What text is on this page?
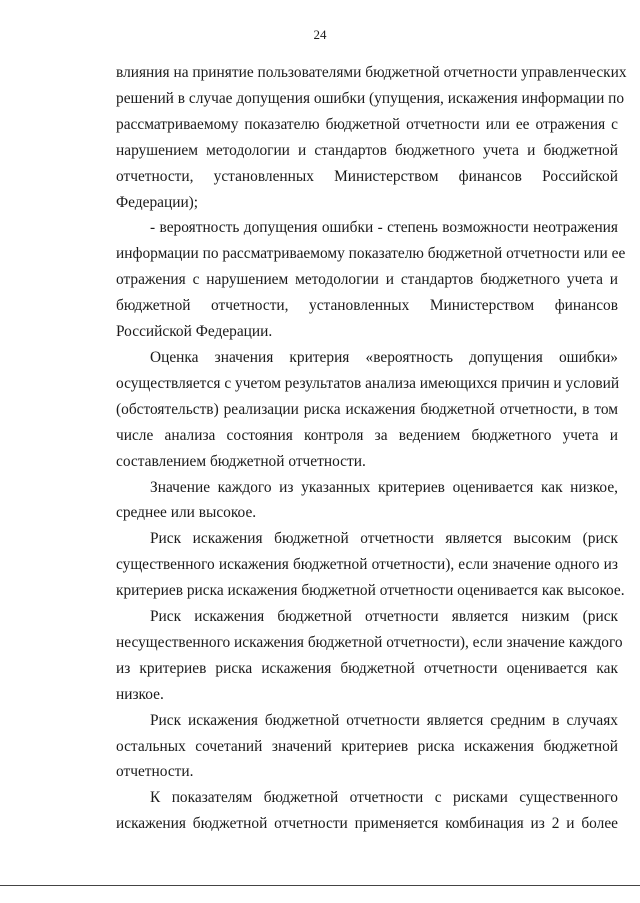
24
влияния на принятие пользователями бюджетной отчетности управленческих
решений в случае допущения ошибки (упущения, искажения информации по
рассматриваемому показателю бюджетной отчетности или ее отражения с
нарушением методологии и стандартов бюджетного учета и бюджетной
отчетности, установленных Министерством финансов Российской
Федерации);
- вероятность допущения ошибки - степень возможности неотражения
информации по рассматриваемому показателю бюджетной отчетности или ее
отражения с нарушением методологии и стандартов бюджетного учета и
бюджетной отчетности, установленных Министерством финансов
Российской Федерации.
Оценка значения критерия «вероятность допущения ошибки»
осуществляется с учетом результатов анализа имеющихся причин и условий
(обстоятельств) реализации риска искажения бюджетной отчетности, в том
числе анализа состояния контроля за ведением бюджетного учета и
составлением бюджетной отчетности.
Значение каждого из указанных критериев оценивается как низкое,
среднее или высокое.
Риск искажения бюджетной отчетности является высоким (риск
существенного искажения бюджетной отчетности), если значение одного из
критериев риска искажения бюджетной отчетности оценивается как высокое.
Риск искажения бюджетной отчетности является низким (риск
несущественного искажения бюджетной отчетности), если значение каждого
из критериев риска искажения бюджетной отчетности оценивается как
низкое.
Риск искажения бюджетной отчетности является средним в случаях
остальных сочетаний значений критериев риска искажения бюджетной
отчетности.
К показателям бюджетной отчетности с рисками существенного
искажения бюджетной отчетности применяется комбинация из 2 и более
